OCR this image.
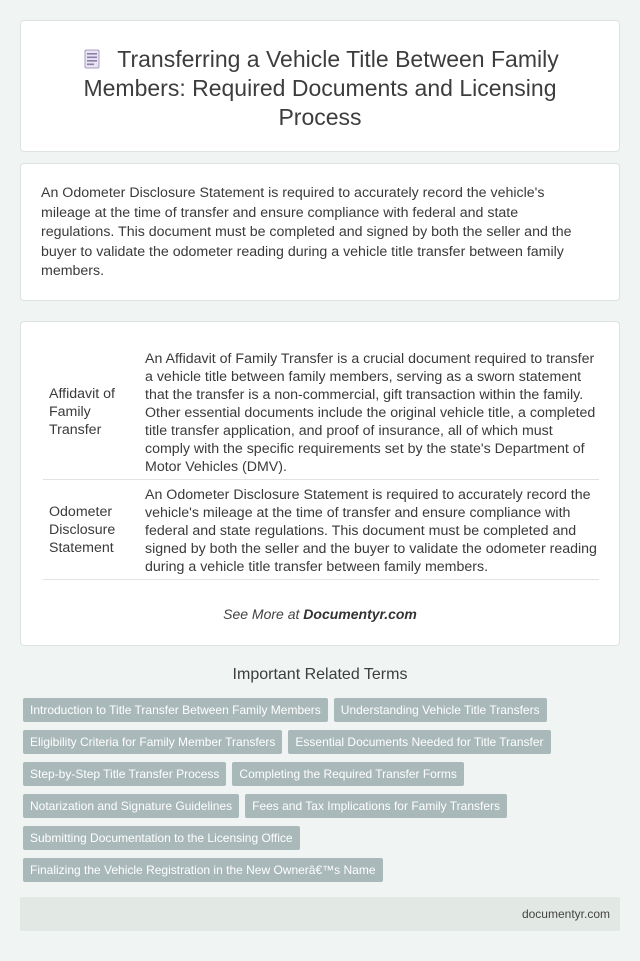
Transferring a Vehicle Title Between Family Members: Required Documents and Licensing Process

An Odometer Disclosure Statement is required to accurately record the vehicle's mileage at the time of transfer and ensure compliance with federal and state regulations. This document must be completed and signed by both the seller and the buyer to validate the odometer reading during a vehicle title transfer between family members.

Affidavit of Family Transfer	An Affidavit of Family Transfer is a crucial document required to transfer a vehicle title between family members, serving as a sworn statement that the transfer is a non-commercial, gift transaction within the family. Other essential documents include the original vehicle title, a completed title transfer application, and proof of insurance, all of which must comply with the specific requirements set by the state's Department of Motor Vehicles (DMV).
Odometer Disclosure Statement	An Odometer Disclosure Statement is required to accurately record the vehicle's mileage at the time of transfer and ensure compliance with federal and state regulations. This document must be completed and signed by both the seller and the buyer to validate the odometer reading during a vehicle title transfer between family members.
See More at Documentyr.com
Important Related Terms
Introduction to Title Transfer Between Family Members Understanding Vehicle Title Transfers
Eligibility Criteria for Family Member Transfers Essential Documents Needed for Title Transfer
Step-by-Step Title Transfer Process Completing the Required Transfer Forms
Notarization and Signature Guidelines Fees and Tax Implications for Family Transfers
Submitting Documentation to the Licensing Office
Finalizing the Vehicle Registration in the New Ownerâ€™s Name
documentyr.com
